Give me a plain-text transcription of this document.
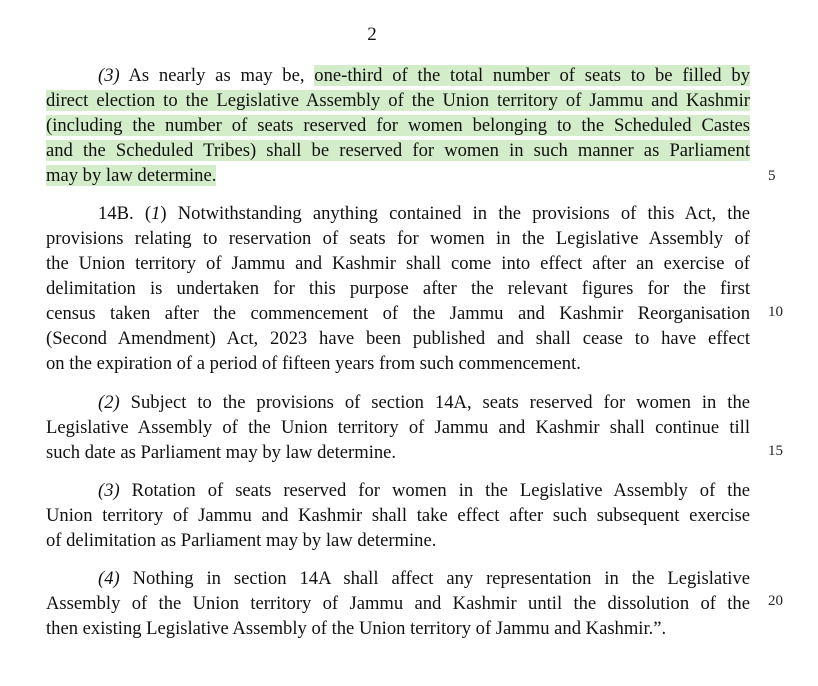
2
(3) As nearly as may be, one-third of the total number of seats to be filled by
direct election to the Legislative Assembly of the Union territory of Jammu and Kashmir
(including the number of seats reserved for women belonging to the Scheduled Castes
and the Scheduled Tribes) shall be reserved for women in such manner as Parliament
may by law determine.
14B. (1) Notwithstanding anything contained in the provisions of this Act, the
provisions relating to reservation of seats for women in the Legislative Assembly of
the Union territory of Jammu and Kashmir shall come into effect after an exercise of
delimitation is undertaken for this purpose after the relevant figures for the first
census taken after the commencement of the Jammu and Kashmir Reorganisation
(Second Amendment) Act, 2023 have been published and shall cease to have effect
on the expiration of a period of fifteen years from such commencement.
(2) Subject to the provisions of section 14A, seats reserved for women in the
Legislative Assembly of the Union territory of Jammu and Kashmir shall continue till
such date as Parliament may by law determine.
(3) Rotation of seats reserved for women in the Legislative Assembly of the
Union territory of Jammu and Kashmir shall take effect after such subsequent exercise
of delimitation as Parliament may by law determine.
(4) Nothing in section 14A shall affect any representation in the Legislative
Assembly of the Union territory of Jammu and Kashmir until the dissolution of the
then existing Legislative Assembly of the Union territory of Jammu and Kashmir.”.
5
10
15
20
